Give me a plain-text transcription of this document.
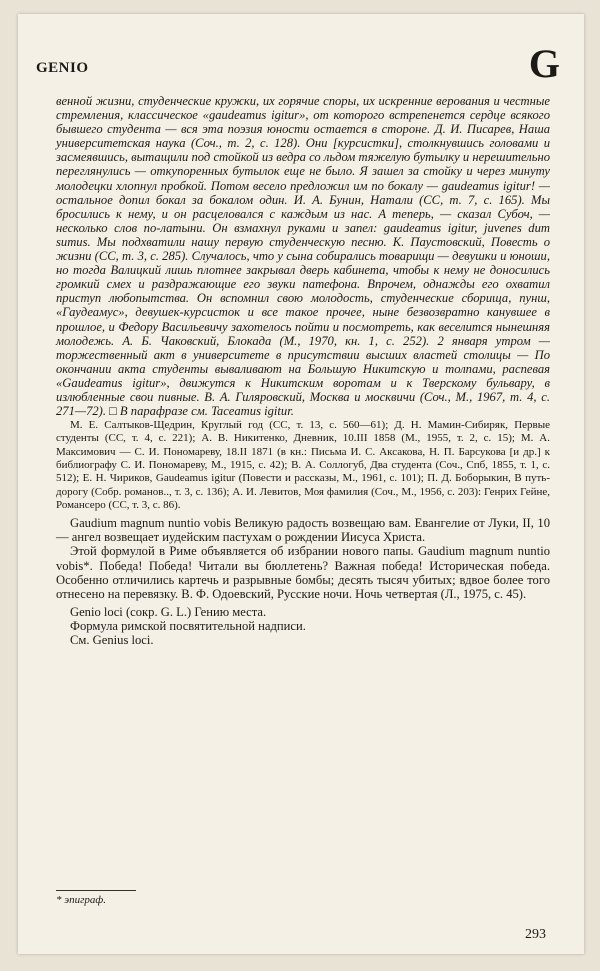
GENIO	G

венной жизни, студенческие кружки, их горячие споры, их искренние верования и честные стремления, классическое «gaudeamus igitur», от которого встрепенется сердце всякого бывшего студента — вся эта поэзия юности остается в стороне. Д. И. Писарев, Наша университетская наука (Соч., т. 2, с. 128). Они [курсистки], столкнувшись головами и засмеявшись, вытащили под стойкой из ведра со льдом тяжелую бутылку и нерешительно переглянулись — откупоренных бутылок еще не было. Я зашел за стойку и через минуту молодецки хлопнул пробкой. Потом весело предложил им по бокалу — gaudeamus igitur! — остальное допил бокал за бокалом один. И. А. Бунин, Натали (СС, т. 7, с. 165). Мы бросились к нему, и он расцеловался с каждым из нас. А теперь, — сказал Субоч, — несколько слов по-латыни. Он взмахнул руками и запел: gaudeamus igitur, juvenes dum sumus. Мы подхватили нашу первую студенческую песню. К. Паустовский, Повесть о жизни (СС, т. 3, с. 285). Случалось, что у сына собирались товарищи — девушки и юноши, но тогда Валицкий лишь плотнее закрывал дверь кабинета, чтобы к нему не доносились громкий смех и раздражающие его звуки патефона. Впрочем, однажды его охватил приступ любопытства. Он вспомнил свою молодость, студенческие сборища, пунш, «Гаудеамус», девушек-курсисток и все такое прочее, ныне безвозвратно канувшее в прошлое, и Федору Васильевичу захотелось пойти и посмотреть, как веселится нынешняя молодежь. А. Б. Чаковский, Блокада (М., 1970, кн. 1, с. 252). 2 января утром — торжественный акт в университете в присутствии высших властей столицы — По окончании акта студенты вываливают на Большую Никитскую и толпами, распевая «Gaudeamus igitur», движутся к Никитским воротам и к Тверскому бульвару, в излюбленные свои пивные. В. А. Гиляровский, Москва и москвичи (Соч., М., 1967, т. 4, с. 271—72). □ В парафразе см. Taceamus igitur.

М. Е. Салтыков-Щедрин, Круглый год (СС, т. 13, с. 560—61); Д. Н. Мамин-Сибиряк, Первые студенты (СС, т. 4, с. 221); А. В. Никитенко, Дневник, 10.III 1858 (М., 1955, т. 2, с. 15); М. А. Максимович — С. И. Пономареву, 18.II 1871 (в кн.: Письма И. С. Аксакова, Н. П. Барсукова [и др.] к библиографу С. И. Пономареву, М., 1915, с. 42); В. А. Соллогуб, Два студента (Соч., Спб, 1855, т. 1, с. 512); Е. Н. Чириков, Gaudeamus igitur (Повести и рассказы, М., 1961, с. 101); П. Д. Боборыкин, В путь-дорогу (Собр. романов.., т. 3, с. 136); А. И. Левитов, Моя фамилия (Соч., М., 1956, с. 203): Генрих Гейне, Романсеро (СС, т. 3, с. 86).

Gaudium magnum nuntio vobis Великую радость возвещаю вам. Евангелие от Луки, II, 10 — ангел возвещает иудейским пастухам о рождении Иисуса Христа.

Этой формулой в Риме объявляется об избрании нового папы. Gaudium magnum nuntio vobis*. Победа! Победа! Читали вы бюллетень? Важная победа! Историческая победа. Особенно отличились картечь и разрывные бомбы; десять тысяч убитых; вдвое более того отнесено на перевязку. В. Ф. Одоевский, Русские ночи. Ночь четвертая (Л., 1975, с. 45).

Genio loci (сокр. G. L.) Гению места.

Формула римской посвятительной надписи.

См. Genius loci.

* эпиграф.
293
